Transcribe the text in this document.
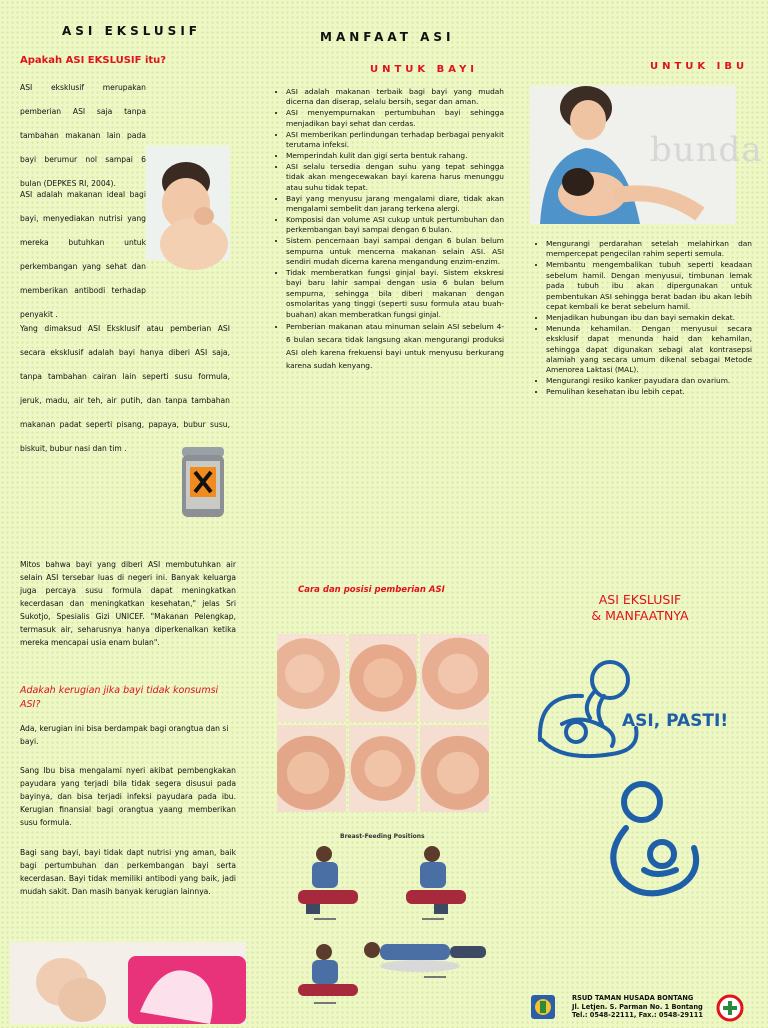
ASI EKSLUSIF
Apakah ASI EKSLUSIF itu?

ASI eksklusif merupakan pemberian ASI saja tanpa tambahan makanan lain pada bayi berumur nol sampai 6 bulan (DEPKES RI, 2004).

ASI adalah makanan ideal bagi bayi, menyediakan nutrisi yang mereka butuhkan untuk perkembangan yang sehat dan memberikan antibodi terhadap penyakit .

Yang dimaksud ASI Eksklusif atau pemberian ASI secara eksklusif adalah bayi hanya diberi ASI saja, tanpa tambahan cairan lain seperti susu formula, jeruk, madu, air teh, air putih, dan tanpa tambahan makanan padat seperti pisang, papaya, bubur susu, biskuit, bubur nasi dan tim .

MANFAAT ASI
UNTUK BAYI
• ASI adalah makanan terbaik bagi bayi yang mudah dicerna dan diserap, selalu bersih, segar dan aman.
• ASI menyempurnakan pertumbuhan bayi sehingga menjadikan bayi sehat dan cerdas.
• ASI memberikan perlindungan terhadap berbagai penyakit terutama infeksi.
• Memperindah kulit dan gigi serta bentuk rahang.
• ASI selalu tersedia dengan suhu yang tepat sehingga tidak akan mengecewakan bayi karena harus menunggu atau suhu tidak tepat.
• Bayi yang menyusu jarang mengalami diare, tidak akan mengalami sembelit dan jarang terkena alergi.
• Komposisi dan volume ASI cukup untuk pertumbuhan dan perkembangan bayi sampai dengan 6 bulan.
• Sistem pencernaan bayi sampai dengan 6 bulan belum sempurna untuk mencerna makanan selain ASI. ASI sendiri mudah dicerna karena mengandung enzim-enzim.
• Tidak memberatkan fungsi ginjal bayi. Sistem ekskresi bayi baru lahir sampai dengan usia 6 bulan belum sempurna, sehingga bila diberi makanan dengan osmolaritas yang tinggi (seperti susu formula atau buah-buahan) akan memberatkan fungsi ginjal.
• Pemberian makanan atau minuman selain ASI sebelum 4-6 bulan secara tidak langsung akan mengurangi produksi ASI oleh karena frekuensi bayi untuk menyusu berkurang karena sudah kenyang.
UNTUK IBU
bunda
• Mengurangi perdarahan setelah melahirkan dan mempercepat pengecilan rahim seperti semula.
• Membantu mengembalikan tubuh seperti keadaan sebelum hamil. Dengan menyusui, timbunan lemak pada tubuh ibu akan dipergunakan untuk pembentukan ASI sehingga berat badan ibu akan lebih cepat kembali ke berat sebelum hamil.
• Menjadikan hubungan ibu dan bayi semakin dekat.
• Menunda kehamilan. Dengan menyusui secara eksklusif dapat menunda haid dan kehamilan, sehingga dapat digunakan sebagi alat kontrasepsi alamiah yang secara umum dikenal sebagai Metode Amenorea Laktasi (MAL).
• Mengurangi resiko kanker payudara dan ovarium.
• Pemulihan kesehatan ibu lebih cepat.

Mitos bahwa bayi yang diberi ASI membutuhkan air selain ASI tersebar luas di negeri ini. Banyak keluarga juga percaya susu formula dapat meningkatkan kecerdasan dan meningkatkan kesehatan," jelas Sri Sukotjo, Spesialis Gizi UNICEF. "Makanan Pelengkap, termasuk air, seharusnya hanya diperkenalkan ketika mereka mencapai usia enam bulan".

Adakah kerugian jika bayi tidak konsumsi ASI?

Ada, kerugian ini bisa berdampak bagi orangtua dan si bayi.

Sang Ibu bisa mengalami nyeri akibat pembengkakan payudara yang terjadi bila tidak segera disusui pada bayinya, dan bisa terjadi infeksi payudara pada ibu. Kerugian finansial bagi orangtua yaang memberikan susu formula.

Bagi sang bayi, bayi tidak dapt nutrisi yng aman, baik bagi pertumbuhan dan perkembangan bayi serta kecerdasan. Bayi tidak memiliki antibodi yang baik, jadi mudah sakit. Dan masih banyak kerugian lainnya.

Cara dan posisi pemberian ASI
Breast-Feeding Positions
ASI EKSLUSIF
& MANFAATNYA
ASI, PASTI!
RSUD TAMAN HUSADA BONTANG
Jl. Letjen. S. Parman No. 1 Bontang
Tel.: 0548-22111, Fax.: 0548-29111
